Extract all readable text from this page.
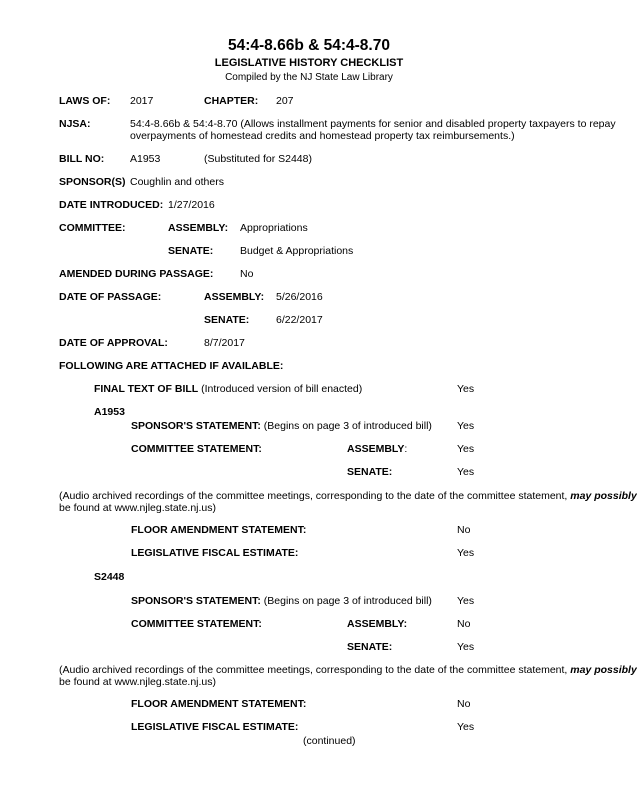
54:4-8.66b & 54:4-8.70
LEGISLATIVE HISTORY CHECKLIST
Compiled by the NJ State Law Library
LAWS OF: 2017	CHAPTER: 207
NJSA:	54:4-8.66b & 54:4-8.70 (Allows installment payments for senior and disabled property taxpayers to repay
overpayments of homestead credits and homestead property tax reimbursements.)
BILL NO: A1953	(Substituted for S2448)
SPONSOR(S) Coughlin and others
DATE INTRODUCED: 1/27/2016
COMMITTEE:	ASSEMBLY: Appropriations
SENATE:	Budget & Appropriations
AMENDED DURING PASSAGE:	No
DATE OF PASSAGE:	ASSEMBLY: 5/26/2016
SENATE:	6/22/2017
DATE OF APPROVAL:	8/7/2017
FOLLOWING ARE ATTACHED IF AVAILABLE:
FINAL TEXT OF BILL (Introduced version of bill enacted)	Yes
A1953
SPONSOR'S STATEMENT: (Begins on page 3 of introduced bill) Yes
COMMITTEE STATEMENT:	ASSEMBLY:	Yes
SENATE:	Yes
(Audio archived recordings of the committee meetings, corresponding to the date of the committee statement, may possibly
be found at www.njleg.state.nj.us)
FLOOR AMENDMENT STATEMENT:	No
LEGISLATIVE FISCAL ESTIMATE:	Yes
S2448
SPONSOR'S STATEMENT: (Begins on page 3 of introduced bill) Yes
COMMITTEE STATEMENT:	ASSEMBLY:	No
SENATE:	Yes
(Audio archived recordings of the committee meetings, corresponding to the date of the committee statement, may possibly
be found at www.njleg.state.nj.us)
FLOOR AMENDMENT STATEMENT:	No
LEGISLATIVE FISCAL ESTIMATE:	Yes
(continued)
